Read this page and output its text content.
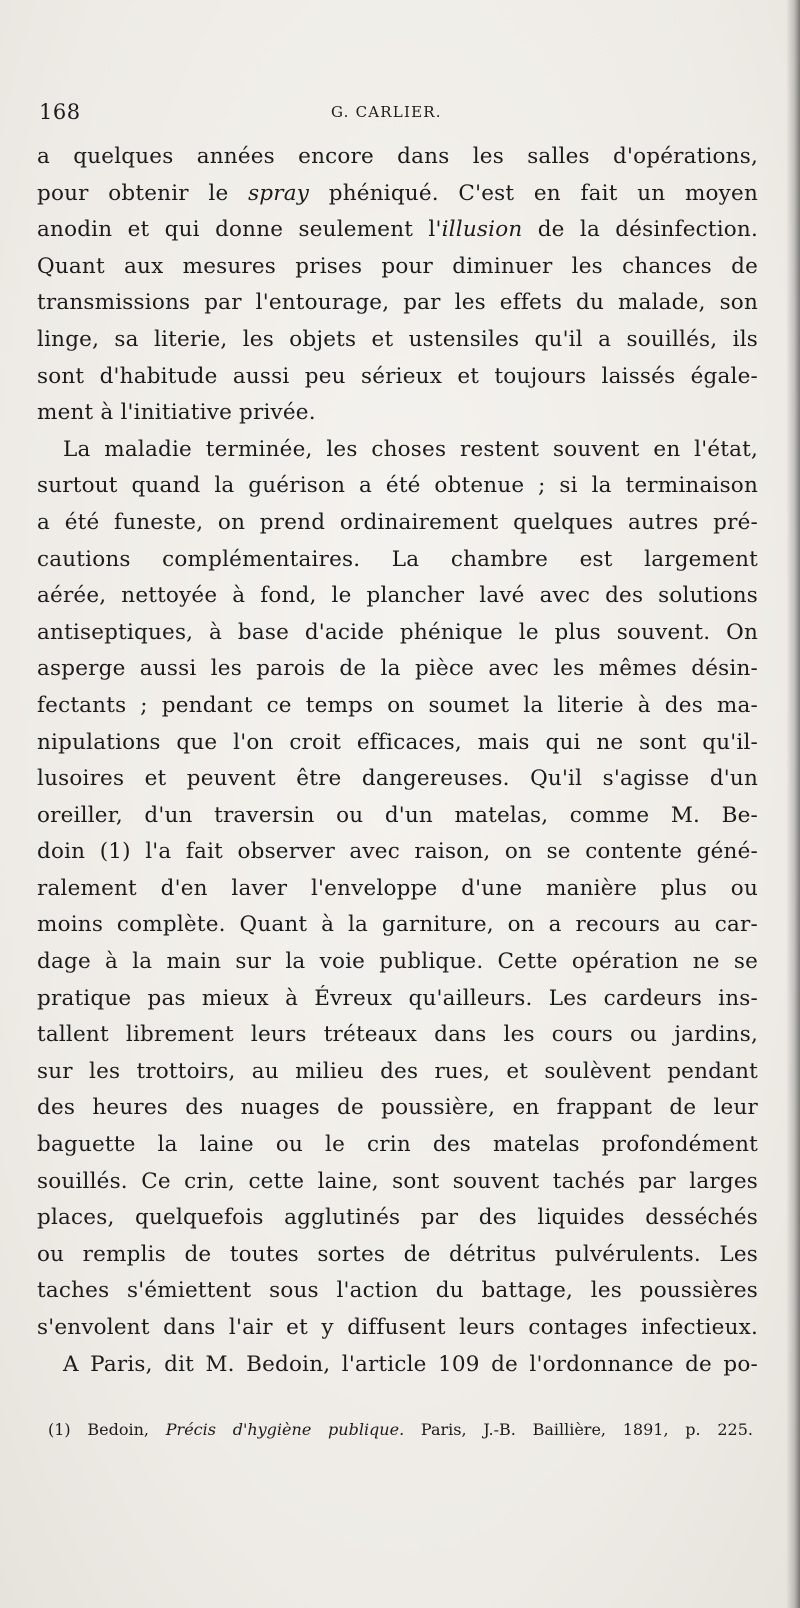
168	G. CARLIER.
a quelques années encore dans les salles d'opérations,
pour obtenir le spray phéniqué. C'est en fait un moyen
anodin et qui donne seulement l'illusion de la désinfection.
Quant aux mesures prises pour diminuer les chances de
transmissions par l'entourage, par les effets du malade, son
linge, sa literie, les objets et ustensiles qu'il a souillés, ils
sont d'habitude aussi peu sérieux et toujours laissés égale-
ment à l'initiative privée.
La maladie terminée, les choses restent souvent en l'état,
surtout quand la guérison a été obtenue ; si la terminaison
a été funeste, on prend ordinairement quelques autres pré-
cautions complémentaires. La chambre est largement
aérée, nettoyée à fond, le plancher lavé avec des solutions
antiseptiques, à base d'acide phénique le plus souvent. On
asperge aussi les parois de la pièce avec les mêmes désin-
fectants ; pendant ce temps on soumet la literie à des ma-
nipulations que l'on croit efficaces, mais qui ne sont qu'il-
lusoires et peuvent être dangereuses. Qu'il s'agisse d'un
oreiller, d'un traversin ou d'un matelas, comme M. Be-
doin (1) l'a fait observer avec raison, on se contente géné-
ralement d'en laver l'enveloppe d'une manière plus ou
moins complète. Quant à la garniture, on a recours au car-
dage à la main sur la voie publique. Cette opération ne se
pratique pas mieux à Évreux qu'ailleurs. Les cardeurs ins-
tallent librement leurs tréteaux dans les cours ou jardins,
sur les trottoirs, au milieu des rues, et soulèvent pendant
des heures des nuages de poussière, en frappant de leur
baguette la laine ou le crin des matelas profondément
souillés. Ce crin, cette laine, sont souvent tachés par larges
places, quelquefois agglutinés par des liquides desséchés
ou remplis de toutes sortes de détritus pulvérulents. Les
taches s'émiettent sous l'action du battage, les poussières
s'envolent dans l'air et y diffusent leurs contages infectieux.
A Paris, dit M. Bedoin, l'article 109 de l'ordonnance de po-
(1) Bedoin, Précis d'hygiène publique. Paris, J.-B. Baillière, 1891, p. 225.
